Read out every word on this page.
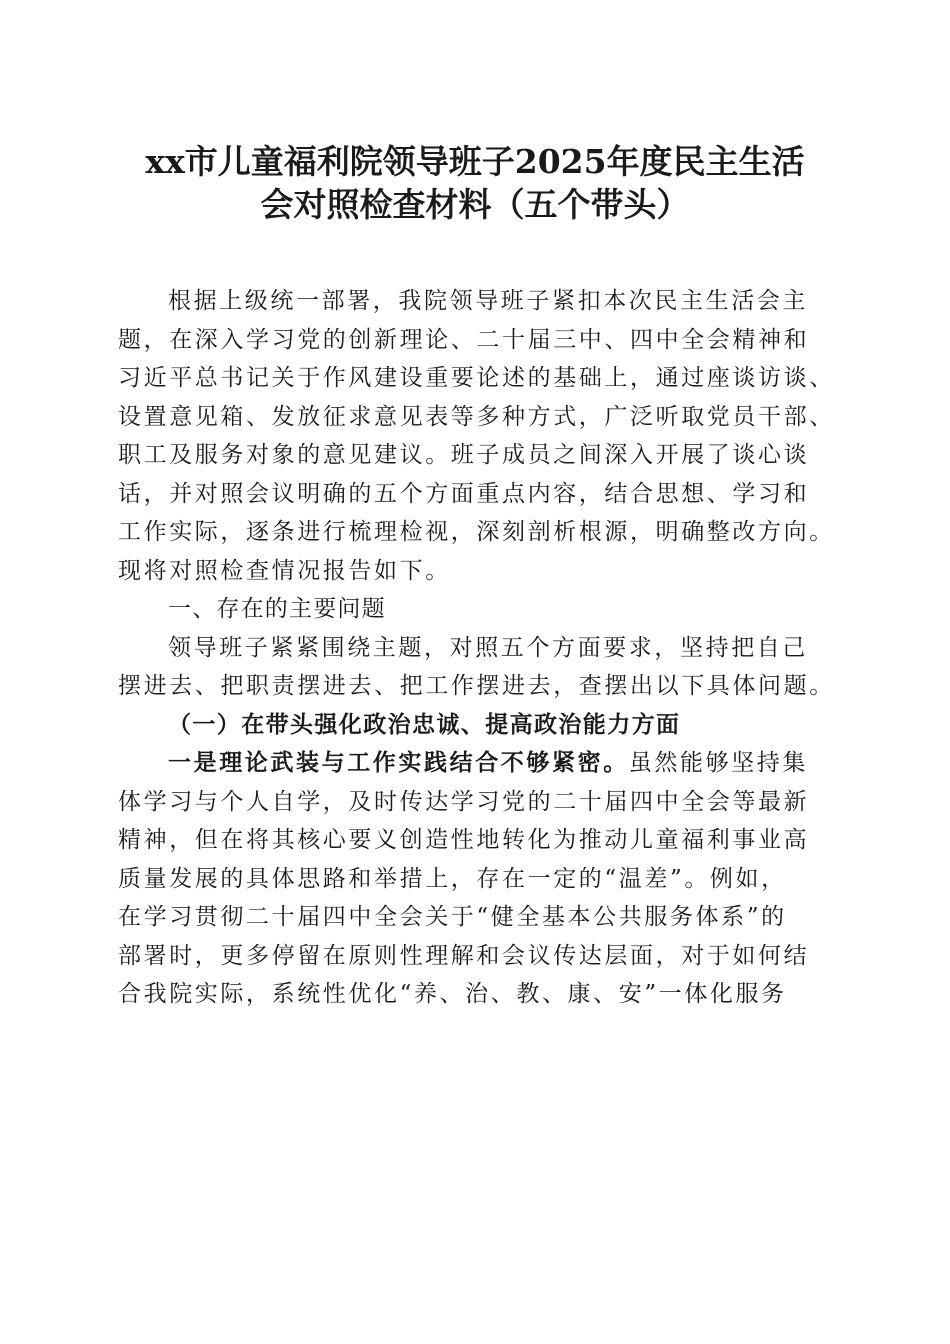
xx市儿童福利院领导班子2025年度民主生活
会对照检查材料（五个带头）
根据上级统一部署，我院领导班子紧扣本次民主生活会主
题，在深入学习党的创新理论、二十届三中、四中全会精神和
习近平总书记关于作风建设重要论述的基础上，通过座谈访谈、
设置意见箱、发放征求意见表等多种方式，广泛听取党员干部、
职工及服务对象的意见建议。班子成员之间深入开展了谈心谈
话，并对照会议明确的五个方面重点内容，结合思想、学习和
工作实际，逐条进行梳理检视，深刻剖析根源，明确整改方向。
现将对照检查情况报告如下。
一、存在的主要问题
领导班子紧紧围绕主题，对照五个方面要求，坚持把自己
摆进去、把职责摆进去、把工作摆进去，查摆出以下具体问题。
（一）在带头强化政治忠诚、提高政治能力方面
一是理论武装与工作实践结合不够紧密。虽然能够坚持集
体学习与个人自学，及时传达学习党的二十届四中全会等最新
精神，但在将其核心要义创造性地转化为推动儿童福利事业高
质量发展的具体思路和举措上，存在一定的“温差”。例如，
在学习贯彻二十届四中全会关于“健全基本公共服务体系”的
部署时，更多停留在原则性理解和会议传达层面，对于如何结
合我院实际，系统性优化“养、治、教、康、安”一体化服务
